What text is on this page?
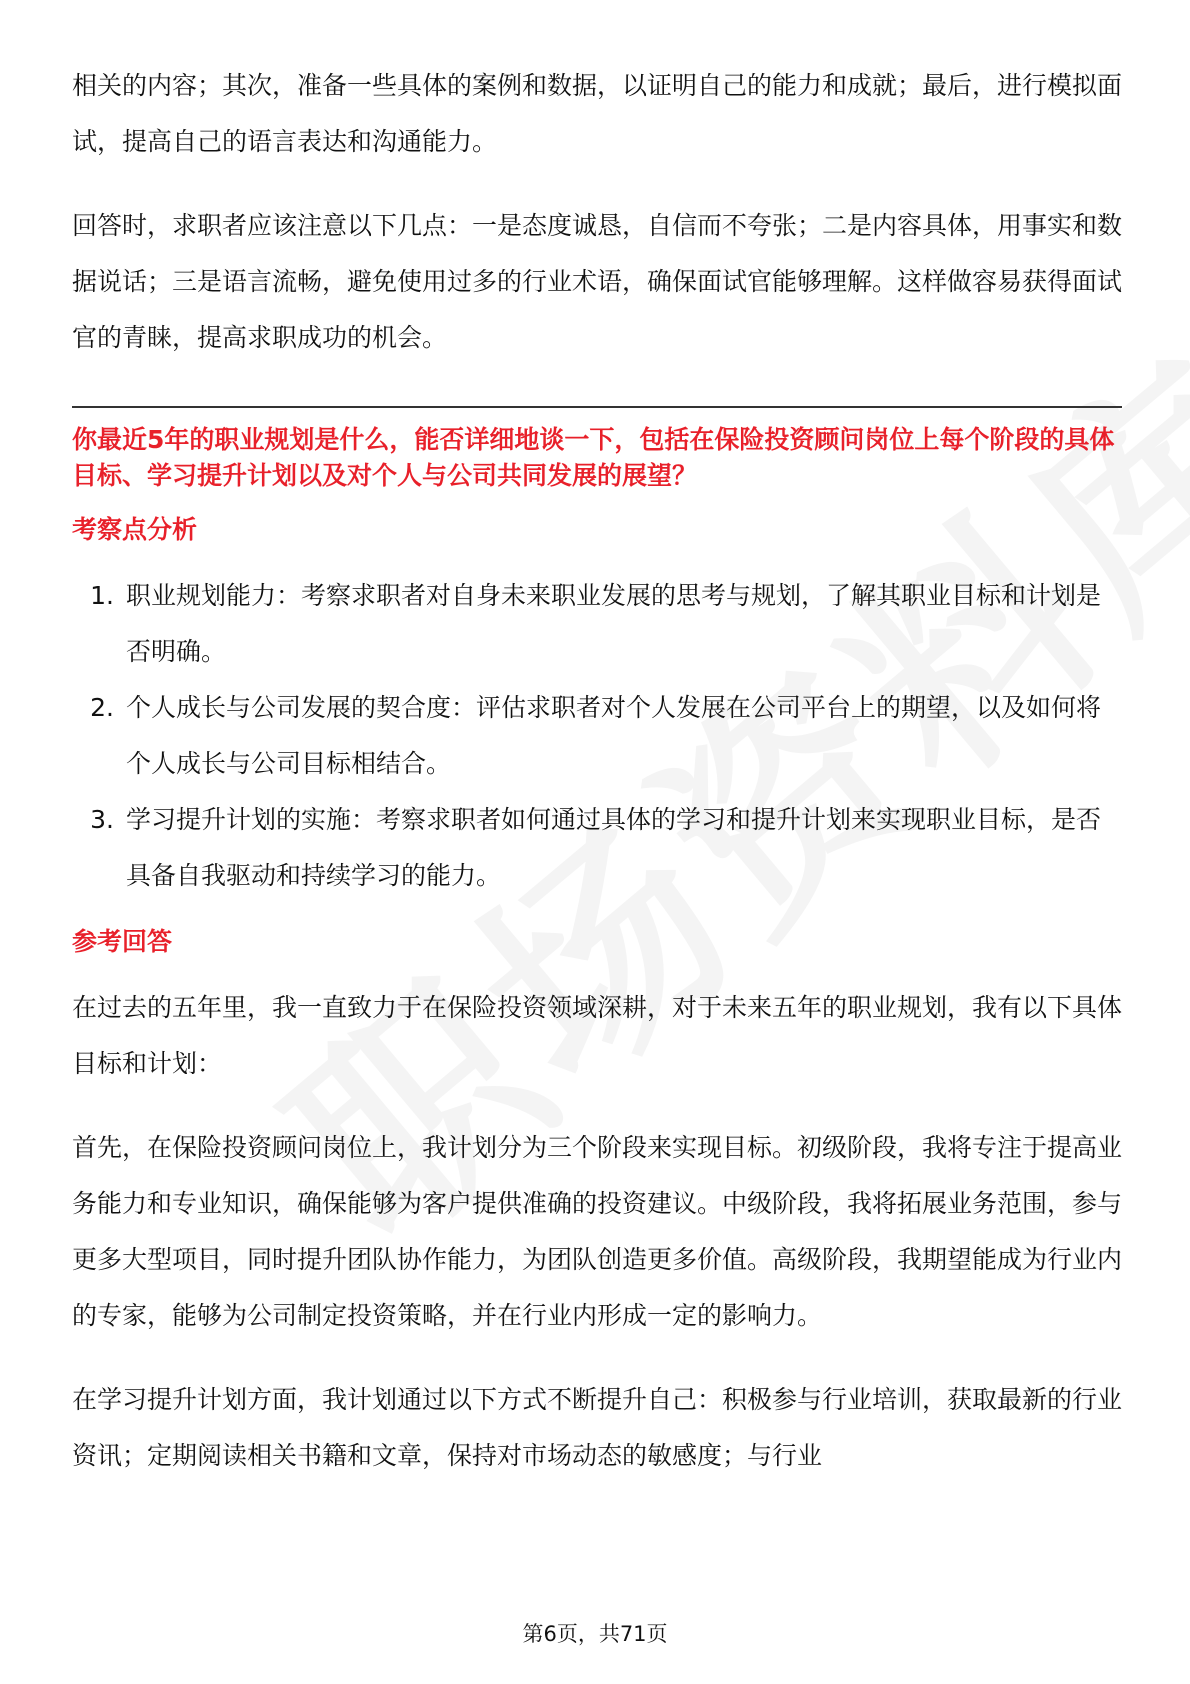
相关的内容；其次，准备一些具体的案例和数据，以证明自己的能力和成就；最后，进行模拟面试，提高自己的语言表达和沟通能力。

回答时，求职者应该注意以下几点：一是态度诚恳，自信而不夸张；二是内容具体，用事实和数据说话；三是语言流畅，避免使用过多的行业术语，确保面试官能够理解。这样做容易获得面试官的青睐，提高求职成功的机会。

你最近5年的职业规划是什么，能否详细地谈一下，包括在保险投资顾问岗位上每个阶段的具体目标、学习提升计划以及对个人与公司共同发展的展望？
考察点分析
1. 职业规划能力：考察求职者对自身未来职业发展的思考与规划，了解其职业目标和计划是否明确。
2. 个人成长与公司发展的契合度：评估求职者对个人发展在公司平台上的期望，以及如何将个人成长与公司目标相结合。
3. 学习提升计划的实施：考察求职者如何通过具体的学习和提升计划来实现职业目标，是否具备自我驱动和持续学习的能力。
参考回答

在过去的五年里，我一直致力于在保险投资领域深耕，对于未来五年的职业规划，我有以下具体目标和计划：

首先，在保险投资顾问岗位上，我计划分为三个阶段来实现目标。初级阶段，我将专注于提高业务能力和专业知识，确保能够为客户提供准确的投资建议。中级阶段，我将拓展业务范围，参与更多大型项目，同时提升团队协作能力，为团队创造更多价值。高级阶段，我期望能成为行业内的专家，能够为公司制定投资策略，并在行业内形成一定的影响力。

在学习提升计划方面，我计划通过以下方式不断提升自己：积极参与行业培训，获取最新的行业资讯；定期阅读相关书籍和文章，保持对市场动态的敏感度；与行业

第6页，共71页
